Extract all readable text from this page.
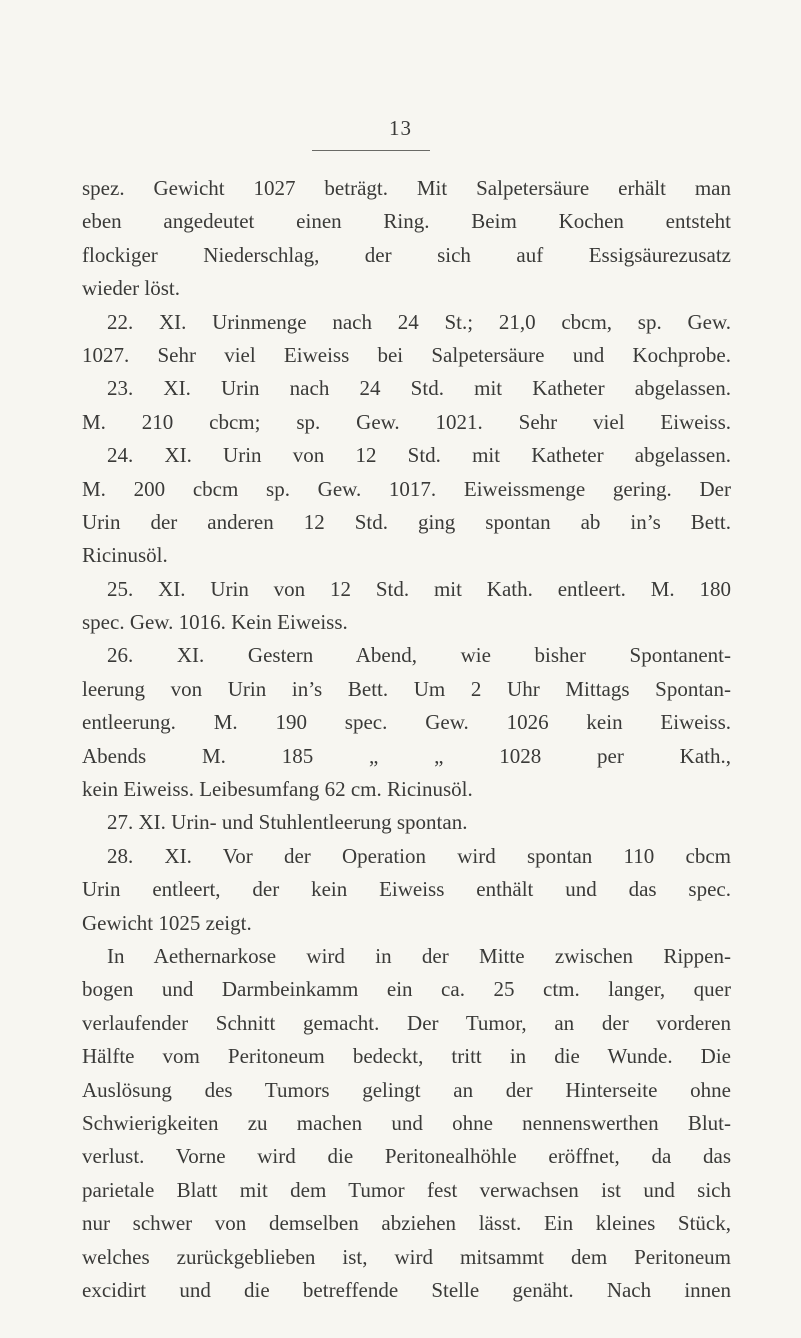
13
spez. Gewicht 1027 beträgt. Mit Salpetersäure erhält man
eben angedeutet einen Ring. Beim Kochen entsteht
flockiger Niederschlag, der sich auf Essigsäurezusatz
wieder löst.
22. XI. Urinmenge nach 24 St.; 21,0 cbcm, sp. Gew.
1027. Sehr viel Eiweiss bei Salpetersäure und Kochprobe.
23. XI. Urin nach 24 Std. mit Katheter abgelassen.
M. 210 cbcm; sp. Gew. 1021. Sehr viel Eiweiss.
24. XI. Urin von 12 Std. mit Katheter abgelassen.
M. 200 cbcm sp. Gew. 1017. Eiweissmenge gering. Der
Urin der anderen 12 Std. ging spontan ab in’s Bett.
Ricinusöl.
25. XI. Urin von 12 Std. mit Kath. entleert. M. 180
spec. Gew. 1016. Kein Eiweiss.
26. XI. Gestern Abend, wie bisher Spontanent-
leerung von Urin in’s Bett. Um 2 Uhr Mittags Spontan-
entleerung. M. 190 spec. Gew. 1026 kein Eiweiss.
Abends M. 185 „ „ 1028 per Kath.,
kein Eiweiss. Leibesumfang 62 cm. Ricinusöl.
27. XI. Urin- und Stuhlentleerung spontan.
28. XI. Vor der Operation wird spontan 110 cbcm
Urin entleert, der kein Eiweiss enthält und das spec.
Gewicht 1025 zeigt.
In Aethernarkose wird in der Mitte zwischen Rippen-
bogen und Darmbeinkamm ein ca. 25 ctm. langer, quer
verlaufender Schnitt gemacht. Der Tumor, an der vorderen
Hälfte vom Peritoneum bedeckt, tritt in die Wunde. Die
Auslösung des Tumors gelingt an der Hinterseite ohne
Schwierigkeiten zu machen und ohne nennenswerthen Blut-
verlust. Vorne wird die Peritonealhöhle eröffnet, da das
parietale Blatt mit dem Tumor fest verwachsen ist und sich
nur schwer von demselben abziehen lässt. Ein kleines Stück,
welches zurückgeblieben ist, wird mitsammt dem Peritoneum
excidirt und die betreffende Stelle genäht. Nach innen
